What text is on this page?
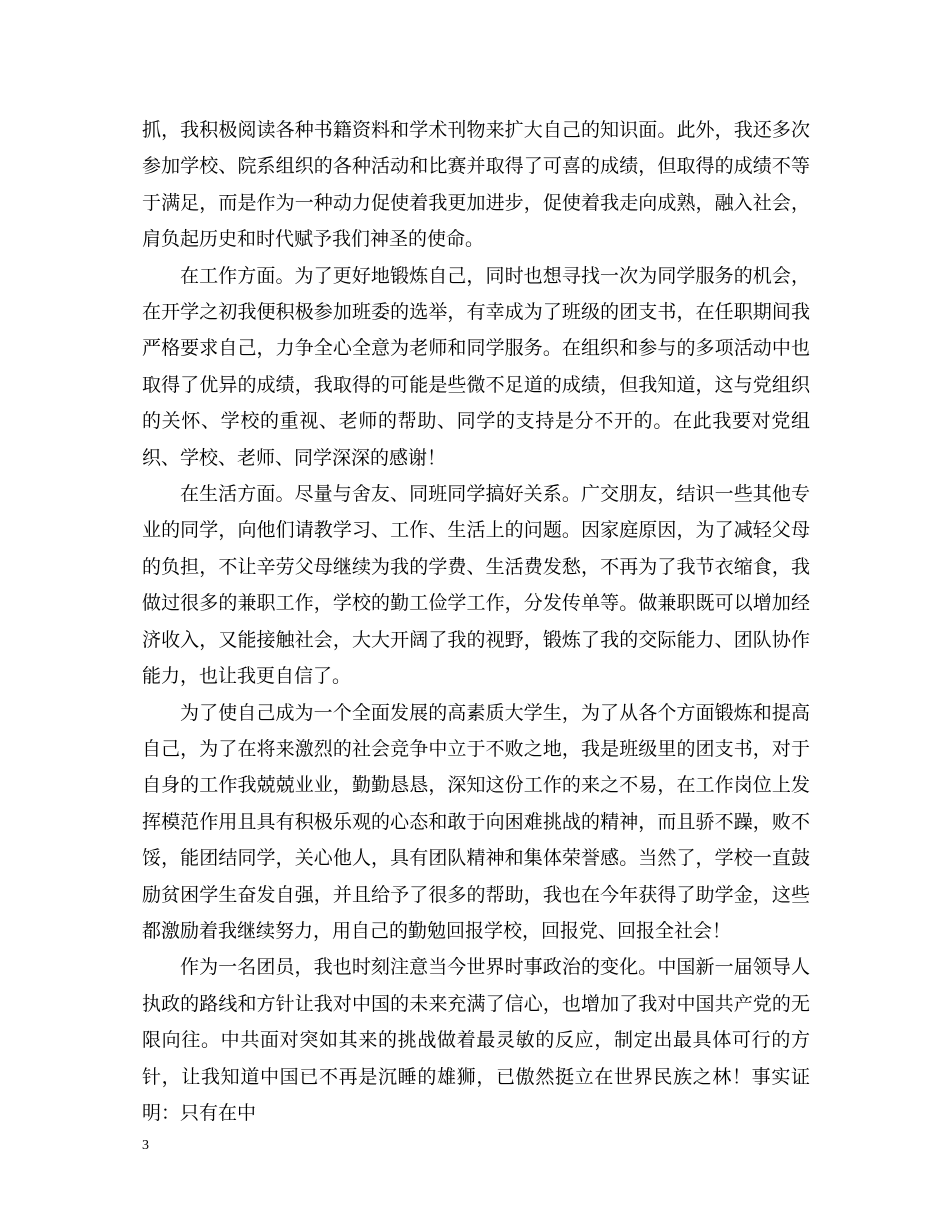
抓，我积极阅读各种书籍资料和学术刊物来扩大自己的知识面。此外，我还多次参加学校、院系组织的各种活动和比赛并取得了可喜的成绩，但取得的成绩不等于满足，而是作为一种动力促使着我更加进步，促使着我走向成熟，融入社会，肩负起历史和时代赋予我们神圣的使命。

在工作方面。为了更好地锻炼自己，同时也想寻找一次为同学服务的机会，在开学之初我便积极参加班委的选举，有幸成为了班级的团支书，在任职期间我严格要求自己，力争全心全意为老师和同学服务。在组织和参与的多项活动中也取得了优异的成绩，我取得的可能是些微不足道的成绩，但我知道，这与党组织的关怀、学校的重视、老师的帮助、同学的支持是分不开的。在此我要对党组织、学校、老师、同学深深的感谢！

在生活方面。尽量与舍友、同班同学搞好关系。广交朋友，结识一些其他专业的同学，向他们请教学习、工作、生活上的问题。因家庭原因，为了减轻父母的负担，不让辛劳父母继续为我的学费、生活费发愁，不再为了我节衣缩食，我做过很多的兼职工作，学校的勤工俭学工作，分发传单等。做兼职既可以增加经济收入，又能接触社会，大大开阔了我的视野，锻炼了我的交际能力、团队协作能力，也让我更自信了。

为了使自己成为一个全面发展的高素质大学生，为了从各个方面锻炼和提高自己，为了在将来激烈的社会竞争中立于不败之地，我是班级里的团支书，对于自身的工作我兢兢业业，勤勤恳恳，深知这份工作的来之不易，在工作岗位上发挥模范作用且具有积极乐观的心态和敢于向困难挑战的精神，而且骄不躁，败不馁，能团结同学，关心他人，具有团队精神和集体荣誉感。当然了，学校一直鼓励贫困学生奋发自强，并且给予了很多的帮助，我也在今年获得了助学金，这些都激励着我继续努力，用自己的勤勉回报学校，回报党、回报全社会！

作为一名团员，我也时刻注意当今世界时事政治的变化。中国新一届领导人执政的路线和方针让我对中国的未来充满了信心，也增加了我对中国共产党的无限向往。中共面对突如其来的挑战做着最灵敏的反应，制定出最具体可行的方针，让我知道中国已不再是沉睡的雄狮，已傲然挺立在世界民族之林！事实证明：只有在中

3
